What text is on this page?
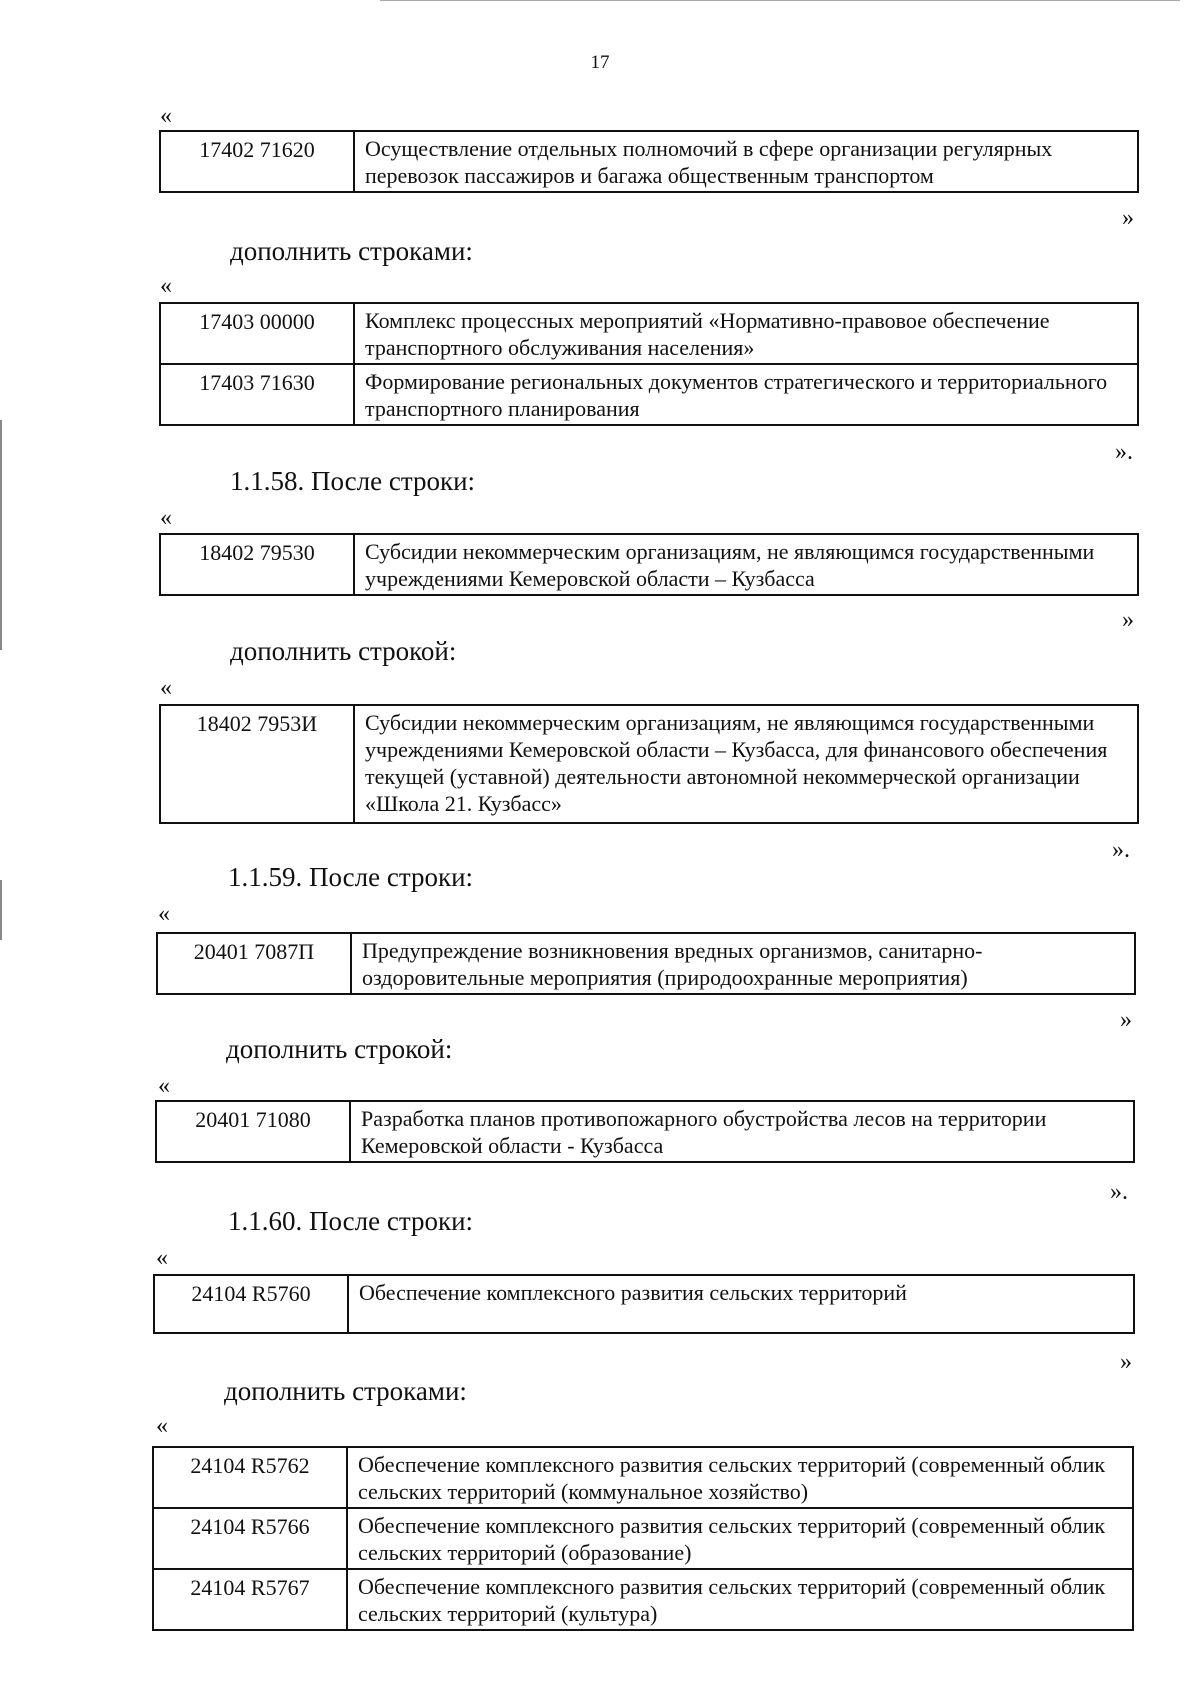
17
«
17402 71620	Осуществление отдельных полномочий в сфере организации регулярных перевозок пассажиров и багажа общественным транспортом
»
дополнить строками:
«
17403 00000	Комплекс процессных мероприятий «Нормативно-правовое обеспечение транспортного обслуживания населения»
17403 71630	Формирование региональных документов стратегического и территориального транспортного планирования
».
1.1.58. После строки:
«
18402 79530	Субсидии некоммерческим организациям, не являющимся государственными учреждениями Кемеровской области – Кузбасса
»
дополнить строкой:
«
18402 7953И	Субсидии некоммерческим организациям, не являющимся государственными учреждениями Кемеровской области – Кузбасса, для финансового обеспечения текущей (уставной) деятельности автономной некоммерческой организации «Школа 21. Кузбасс»
».
1.1.59. После строки:
«
20401 7087П	Предупреждение возникновения вредных организмов, санитарно-оздоровительные мероприятия (природоохранные мероприятия)
»
дополнить строкой:
«
20401 71080	Разработка планов противопожарного обустройства лесов на территории Кемеровской области - Кузбасса
».
1.1.60. После строки:
«
24104 R5760	Обеспечение комплексного развития сельских территорий
»
дополнить строками:
«
24104 R5762	Обеспечение комплексного развития сельских территорий (современный облик сельских территорий (коммунальное хозяйство)
24104 R5766	Обеспечение комплексного развития сельских территорий (современный облик сельских территорий (образование)
24104 R5767	Обеспечение комплексного развития сельских территорий (современный облик сельских территорий (культура)
